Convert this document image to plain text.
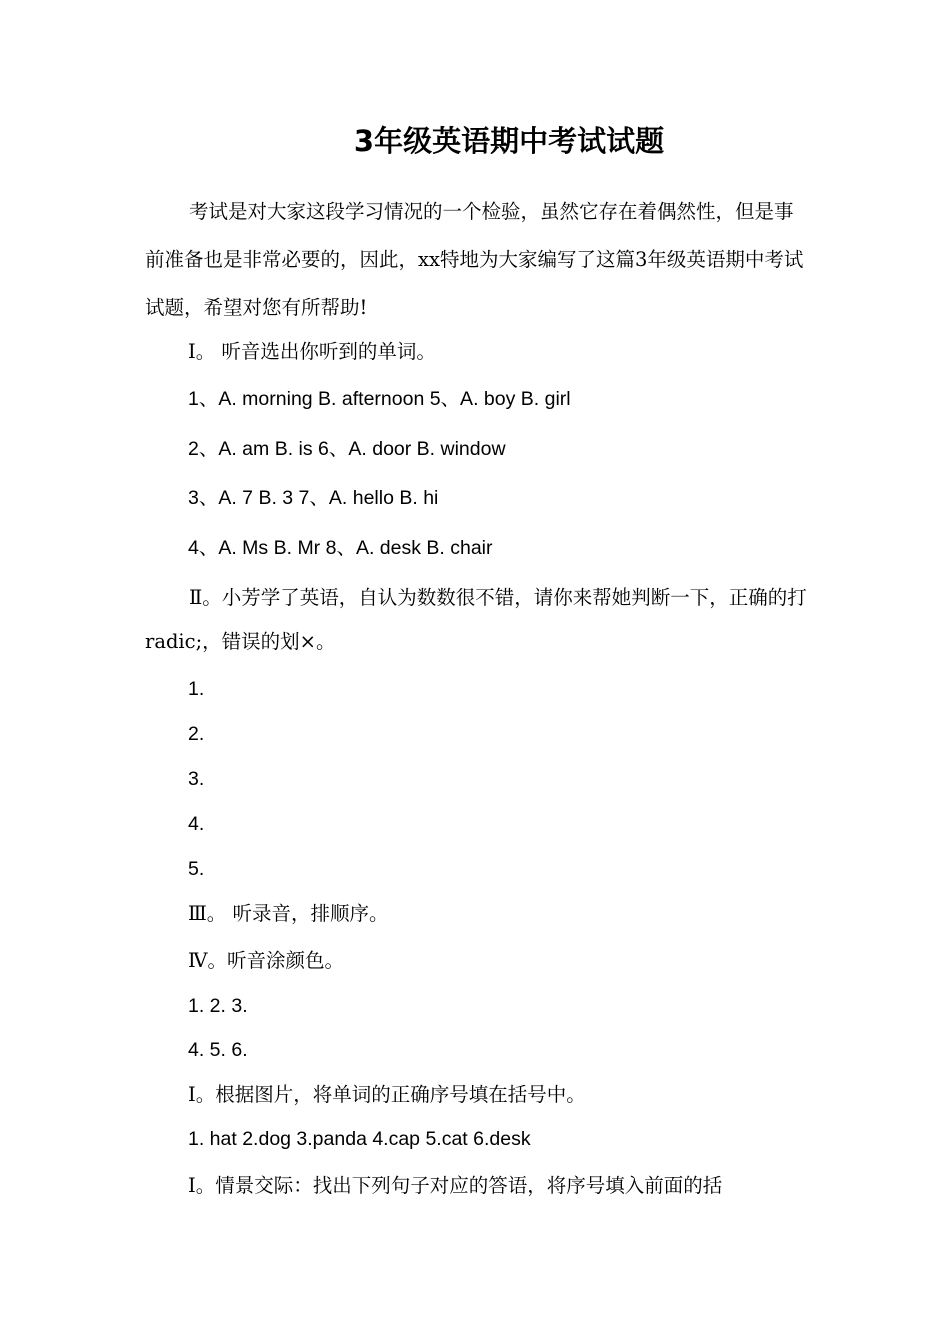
3年级英语期中考试试题

考试是对大家这段学习情况的一个检验，虽然它存在着偶然性，但是事前准备也是非常必要的，因此，xx特地为大家编写了这篇3年级英语期中考试试题，希望对您有所帮助!

Ⅰ。 听音选出你听到的单词。

1、A. morning B. afternoon 5、A. boy B. girl

2、A. am B. is 6、A. door B. window

3、A. 7 B. 3 7、A. hello B. hi

4、A. Ms B. Mr 8、A. desk B. chair

Ⅱ。小芳学了英语，自认为数数很不错，请你来帮她判断一下，正确的打radic;，错误的划×。

1.

2.

3.

4.

5.

Ⅲ。 听录音，排顺序。

Ⅳ。听音涂颜色。

1. 2. 3.

4. 5. 6.

Ⅰ。根据图片，将单词的正确序号填在括号中。

1. hat 2.dog 3.panda 4.cap 5.cat 6.desk

Ⅰ。情景交际：找出下列句子对应的答语，将序号填入前面的括
